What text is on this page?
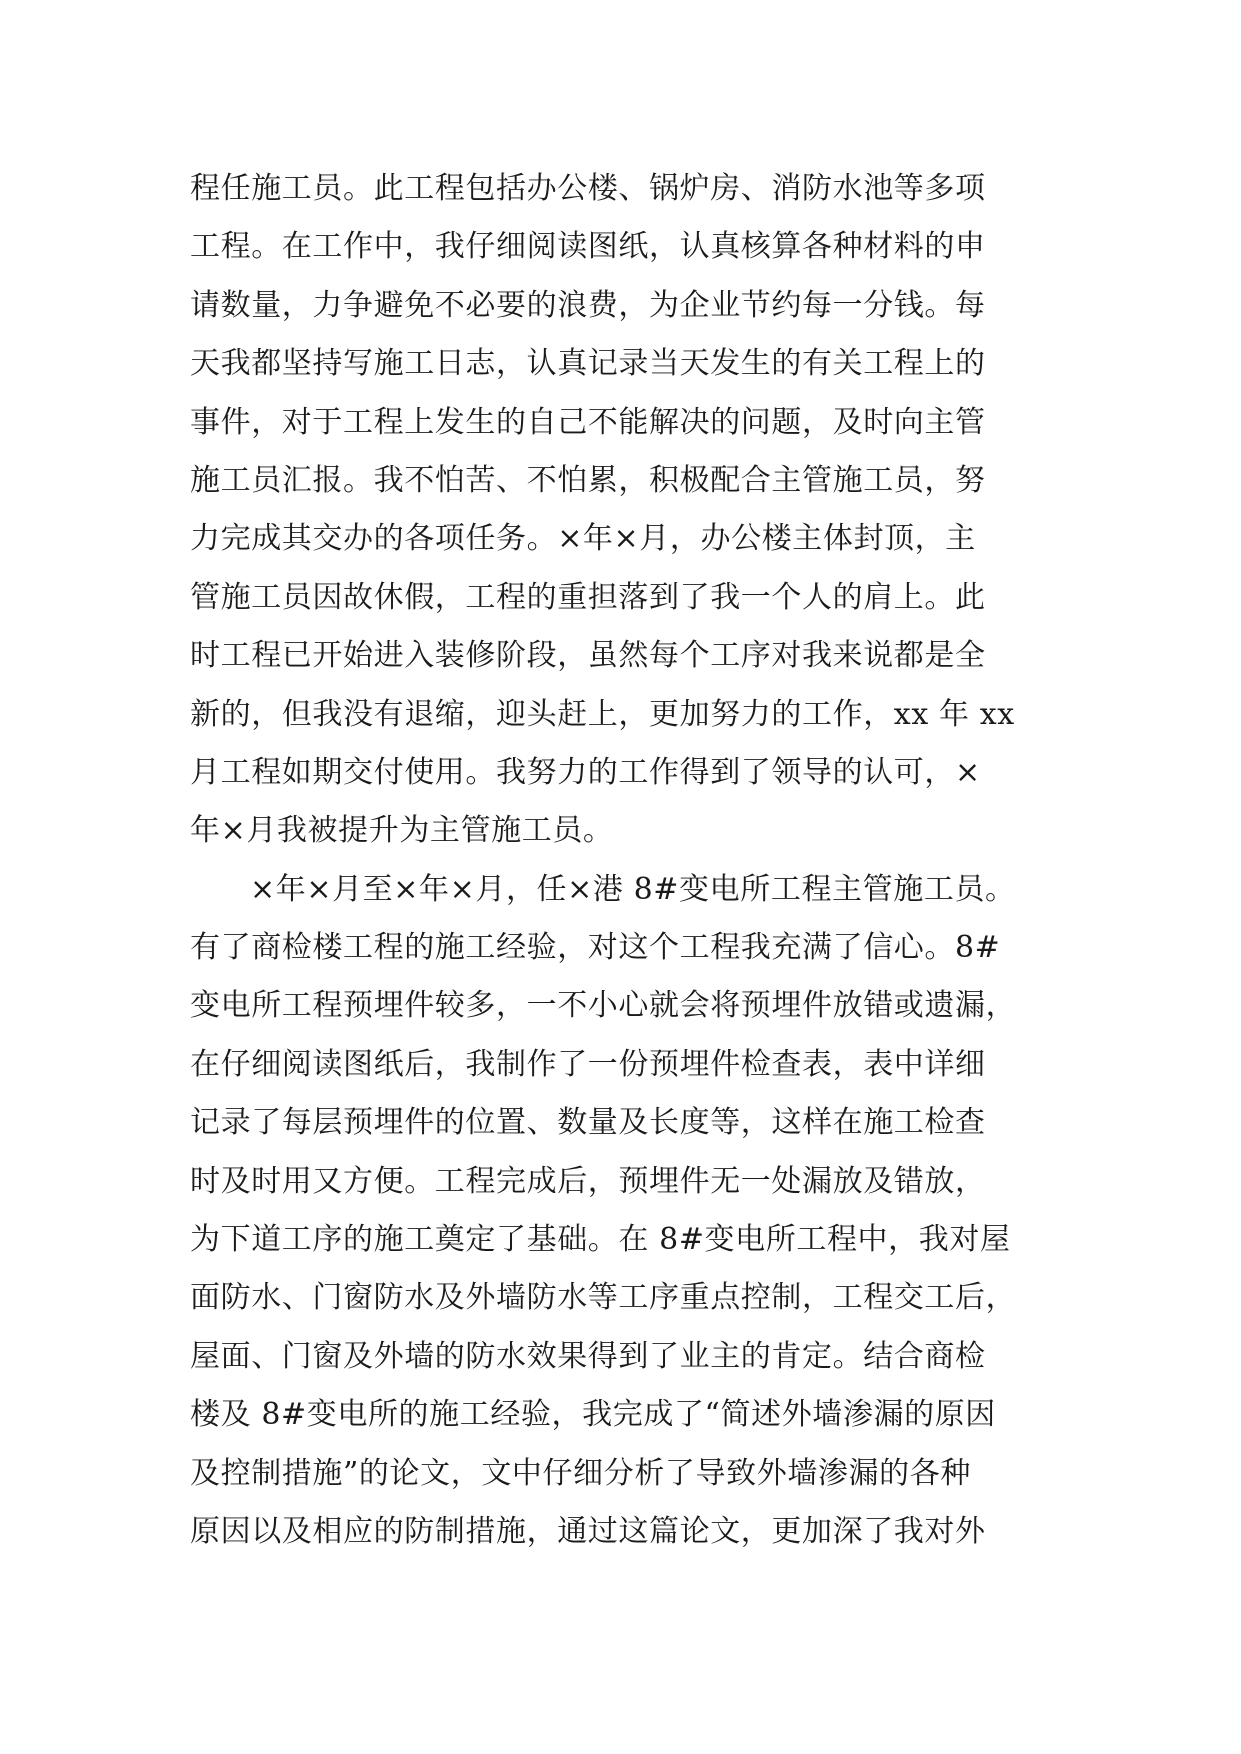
程任施工员。此工程包括办公楼、锅炉房、消防水池等多项
工程。在工作中，我仔细阅读图纸，认真核算各种材料的申
请数量，力争避免不必要的浪费，为企业节约每一分钱。每
天我都坚持写施工日志，认真记录当天发生的有关工程上的
事件，对于工程上发生的自己不能解决的问题，及时向主管
施工员汇报。我不怕苦、不怕累，积极配合主管施工员，努
力完成其交办的各项任务。×年×月，办公楼主体封顶，主
管施工员因故休假，工程的重担落到了我一个人的肩上。此
时工程已开始进入装修阶段，虽然每个工序对我来说都是全
新的，但我没有退缩，迎头赶上，更加努力的工作，xx 年 xx
月工程如期交付使用。我努力的工作得到了领导的认可，×
年×月我被提升为主管施工员。
×年×月至×年×月，任×港 8#变电所工程主管施工员。
有了商检楼工程的施工经验，对这个工程我充满了信心。8#
变电所工程预埋件较多，一不小心就会将预埋件放错或遗漏，
在仔细阅读图纸后，我制作了一份预埋件检查表，表中详细
记录了每层预埋件的位置、数量及长度等，这样在施工检查
时及时用又方便。工程完成后，预埋件无一处漏放及错放，
为下道工序的施工奠定了基础。在 8#变电所工程中，我对屋
面防水、门窗防水及外墙防水等工序重点控制，工程交工后，
屋面、门窗及外墙的防水效果得到了业主的肯定。结合商检
楼及 8#变电所的施工经验，我完成了“简述外墙渗漏的原因
及控制措施”的论文，文中仔细分析了导致外墙渗漏的各种
原因以及相应的防制措施，通过这篇论文，更加深了我对外
